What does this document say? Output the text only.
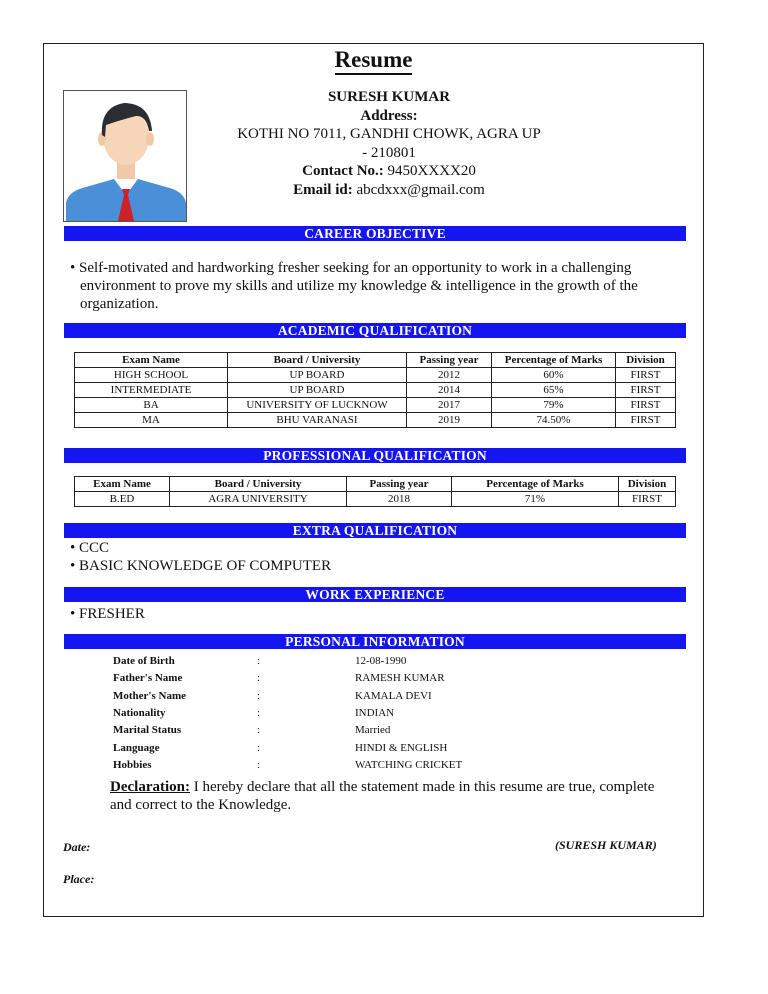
Resume
SURESH KUMAR
Address:
KOTHI NO 7011, GANDHI CHOWK, AGRA UP
- 210801
Contact No.: 9450XXXX20
Email id: abcdxxx@gmail.com
CAREER OBJECTIVE
• Self-motivated and hardworking fresher seeking for an opportunity to work in a challenging
environment to prove my skills and utilize my knowledge & intelligence in the growth of the
organization.
ACADEMIC QUALIFICATION
Exam Name	Board / University	Passing year	Percentage of Marks	Division
HIGH SCHOOL	UP BOARD	2012	60%	FIRST
INTERMEDIATE	UP BOARD	2014	65%	FIRST
BA	UNIVERSITY OF LUCKNOW	2017	79%	FIRST
MA	BHU VARANASI	2019	74.50%	FIRST
PROFESSIONAL QUALIFICATION
Exam Name	Board / University	Passing year	Percentage of Marks	Division
B.ED	AGRA UNIVERSITY	2018	71%	FIRST
EXTRA QUALIFICATION
• CCC
• BASIC KNOWLEDGE OF COMPUTER
WORK EXPERIENCE
• FRESHER
PERSONAL INFORMATION
Date of Birth	:	12-08-1990
Father's Name	:	RAMESH KUMAR
Mother's Name	:	KAMALA DEVI
Nationality	:	INDIAN
Marital Status	:	Married
Language	:	HINDI & ENGLISH
Hobbies	:	WATCHING CRICKET
Declaration: I hereby declare that all the statement made in this resume are true, complete
and correct to the Knowledge.
Date:	(SURESH KUMAR)
Place:
